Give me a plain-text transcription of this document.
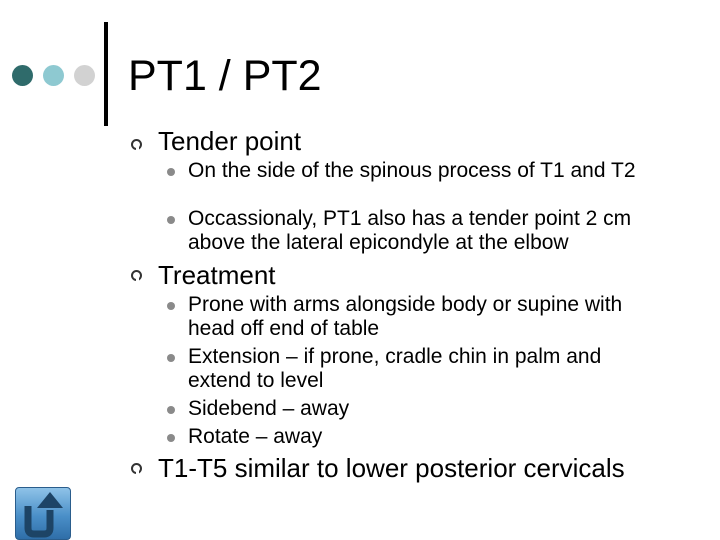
PT1 / PT2
Tender point
On the side of the spinous process of T1 and T2
Occassionaly, PT1 also has a tender point 2 cm above the lateral epicondyle at the elbow
Treatment
Prone with arms alongside body or supine with head off end of table
Extension – if prone, cradle chin in palm and extend to level
Sidebend – away
Rotate – away
T1-T5 similar to lower posterior cervicals
